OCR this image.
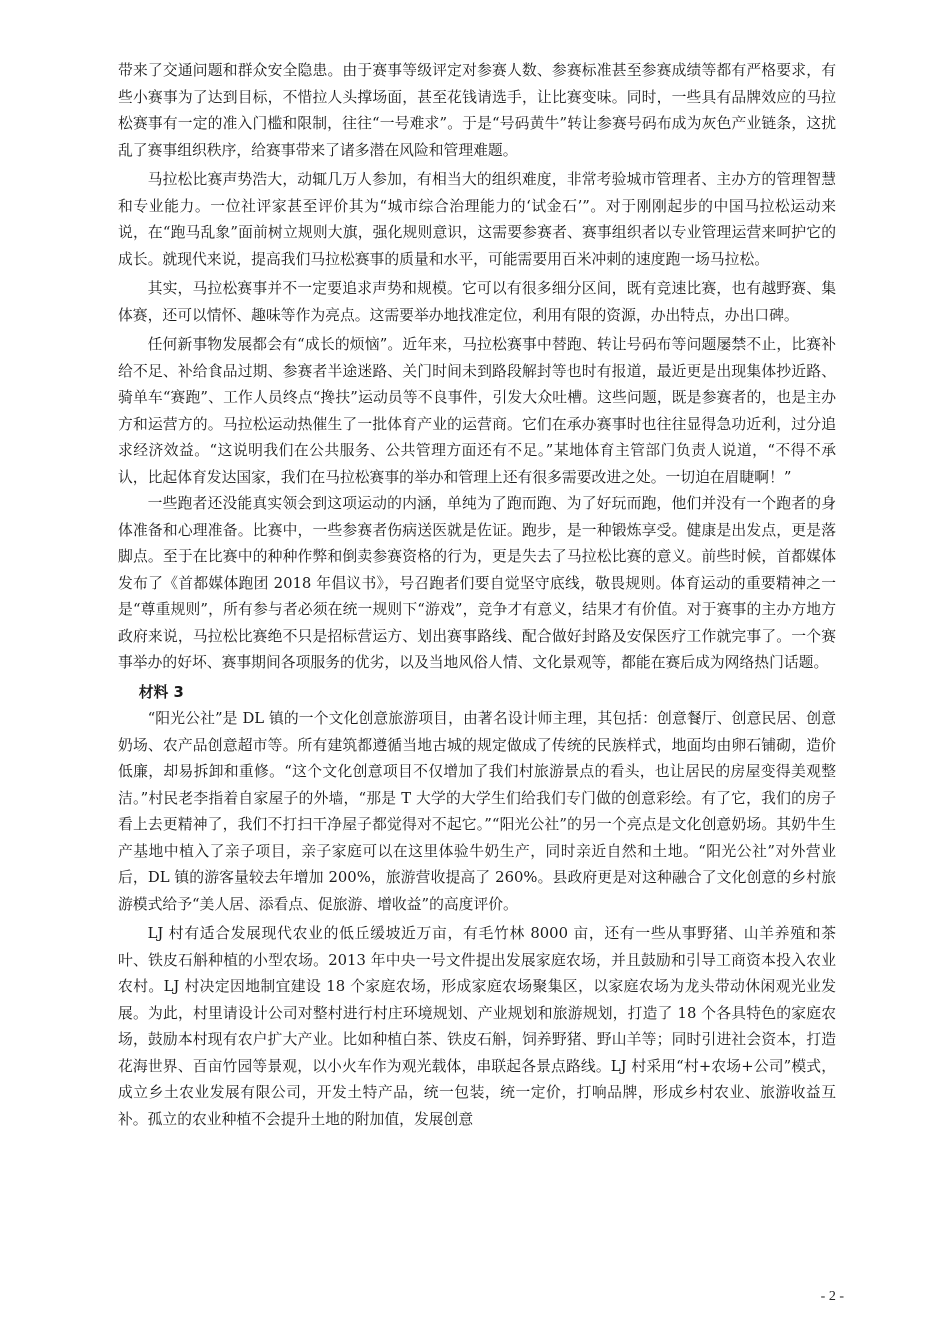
带来了交通问题和群众安全隐患。由于赛事等级评定对参赛人数、参赛标准甚至参赛成绩等都有严格要求，有些小赛事为了达到目标，不惜拉人头撑场面，甚至花钱请选手，让比赛变味。同时，一些具有品牌效应的马拉松赛事有一定的准入门槛和限制，往往“一号难求”。于是“号码黄牛”转让参赛号码布成为灰色产业链条，这扰乱了赛事组织秩序，给赛事带来了诸多潜在风险和管理难题。

马拉松比赛声势浩大，动辄几万人参加，有相当大的组织难度，非常考验城市管理者、主办方的管理智慧和专业能力。一位社评家甚至评价其为“城市综合治理能力的‘试金石’”。对于刚刚起步的中国马拉松运动来说，在“跑马乱象”面前树立规则大旗，强化规则意识，这需要参赛者、赛事组织者以专业管理运营来呵护它的成长。就现代来说，提高我们马拉松赛事的质量和水平，可能需要用百米冲刺的速度跑一场马拉松。

其实，马拉松赛事并不一定要追求声势和规模。它可以有很多细分区间，既有竞速比赛，也有越野赛、集体赛，还可以情怀、趣味等作为亮点。这需要举办地找准定位，利用有限的资源，办出特点，办出口碑。

任何新事物发展都会有“成长的烦恼”。近年来，马拉松赛事中替跑、转让号码布等问题屡禁不止，比赛补给不足、补给食品过期、参赛者半途迷路、关门时间未到路段解封等也时有报道，最近更是出现集体抄近路、骑单车“赛跑”、工作人员终点“搀扶”运动员等不良事件，引发大众吐槽。这些问题，既是参赛者的，也是主办方和运营方的。马拉松运动热催生了一批体育产业的运营商。它们在承办赛事时也往往显得急功近利，过分追求经济效益。“这说明我们在公共服务、公共管理方面还有不足。”某地体育主管部门负责人说道，“不得不承认，比起体育发达国家，我们在马拉松赛事的举办和管理上还有很多需要改进之处。一切迫在眉睫啊！”

一些跑者还没能真实领会到这项运动的内涵，单纯为了跑而跑、为了好玩而跑，他们并没有一个跑者的身体准备和心理准备。比赛中，一些参赛者伤病送医就是佐证。跑步，是一种锻炼享受。健康是出发点，更是落脚点。至于在比赛中的种种作弊和倒卖参赛资格的行为，更是失去了马拉松比赛的意义。前些时候，首都媒体发布了《首都媒体跑团 2018 年倡议书》，号召跑者们要自觉坚守底线，敬畏规则。体育运动的重要精神之一是“尊重规则”，所有参与者必须在统一规则下“游戏”，竞争才有意义，结果才有价值。对于赛事的主办方地方政府来说，马拉松比赛绝不只是招标营运方、划出赛事路线、配合做好封路及安保医疗工作就完事了。一个赛事举办的好坏、赛事期间各项服务的优劣，以及当地风俗人情、文化景观等，都能在赛后成为网络热门话题。

材料 3

“阳光公社”是 DL 镇的一个文化创意旅游项目，由著名设计师主理，其包括：创意餐厅、创意民居、创意奶场、农产品创意超市等。所有建筑都遵循当地古城的规定做成了传统的民族样式，地面均由卵石铺砌，造价低廉，却易拆卸和重修。“这个文化创意项目不仅增加了我们村旅游景点的看头，也让居民的房屋变得美观整洁。”村民老李指着自家屋子的外墙，“那是 T 大学的大学生们给我们专门做的创意彩绘。有了它，我们的房子看上去更精神了，我们不打扫干净屋子都觉得对不起它。”“阳光公社”的另一个亮点是文化创意奶场。其奶牛生产基地中植入了亲子项目，亲子家庭可以在这里体验牛奶生产，同时亲近自然和土地。“阳光公社”对外营业后，DL 镇的游客量较去年增加 200%，旅游营收提高了 260%。县政府更是对这种融合了文化创意的乡村旅游模式给予“美人居、添看点、促旅游、增收益”的高度评价。

LJ 村有适合发展现代农业的低丘缓坡近万亩，有毛竹林 8000 亩，还有一些从事野猪、山羊养殖和茶叶、铁皮石斛种植的小型农场。2013 年中央一号文件提出发展家庭农场，并且鼓励和引导工商资本投入农业农村。LJ 村决定因地制宜建设 18 个家庭农场，形成家庭农场聚集区，以家庭农场为龙头带动休闲观光业发展。为此，村里请设计公司对整村进行村庄环境规划、产业规划和旅游规划，打造了 18 个各具特色的家庭农场，鼓励本村现有农户扩大产业。比如种植白茶、铁皮石斛，饲养野猪、野山羊等；同时引进社会资本，打造花海世界、百亩竹园等景观，以小火车作为观光载体，串联起各景点路线。LJ 村采用“村+农场+公司”模式，成立乡土农业发展有限公司，开发土特产品，统一包装，统一定价，打响品牌，形成乡村农业、旅游收益互补。孤立的农业种植不会提升土地的附加值，发展创意

- 2 -
